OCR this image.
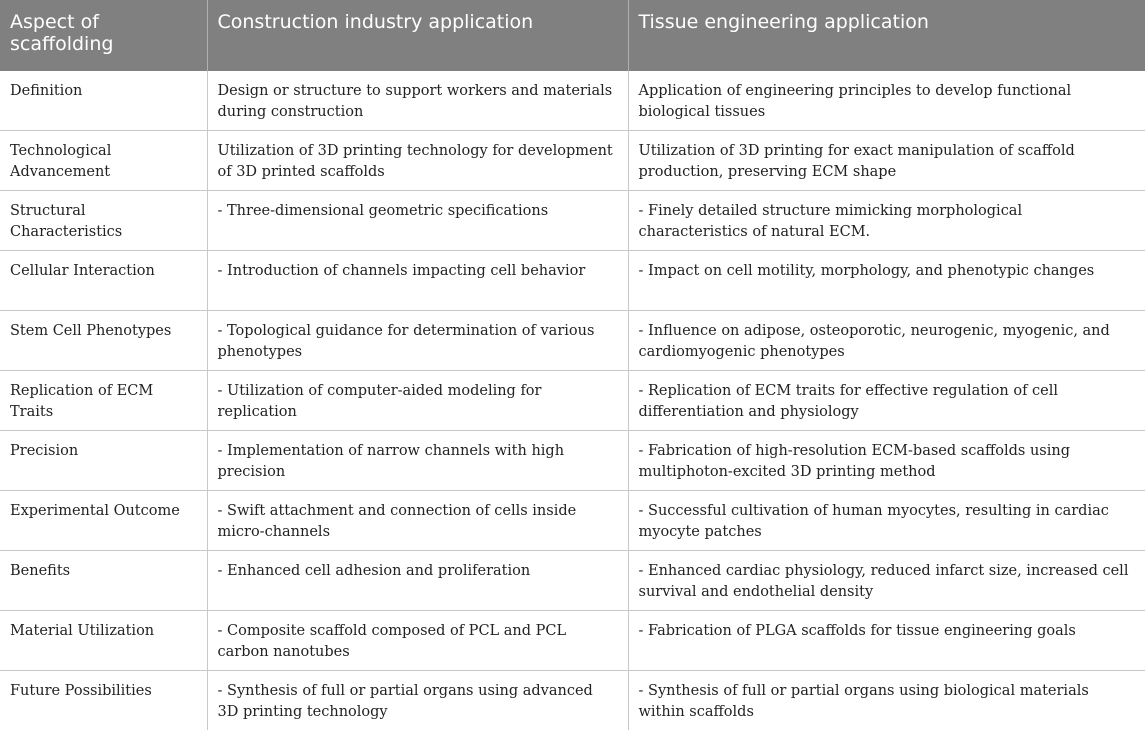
Aspect of scaffolding	Construction industry application	Tissue engineering application
Definition	Design or structure to support workers and materials during construction	Application of engineering principles to develop functional biological tissues
Technological Advancement	Utilization of 3D printing technology for development of 3D printed scaffolds	Utilization of 3D printing for exact manipulation of scaffold production, preserving ECM shape
Structural Characteristics	- Three-dimensional geometric specifications	- Finely detailed structure mimicking morphological characteristics of natural ECM.
Cellular Interaction	- Introduction of channels impacting cell behavior	- Impact on cell motility, morphology, and phenotypic changes
Stem Cell Phenotypes	- Topological guidance for determination of various phenotypes	- Influence on adipose, osteoporotic, neurogenic, myogenic, and cardiomyogenic phenotypes
Replication of ECM Traits	- Utilization of computer-aided modeling for replication	- Replication of ECM traits for effective regulation of cell differentiation and physiology
Precision	- Implementation of narrow channels with high precision	- Fabrication of high-resolution ECM-based scaffolds using multiphoton-excited 3D printing method
Experimental Outcome	- Swift attachment and connection of cells inside micro-channels	- Successful cultivation of human myocytes, resulting in cardiac myocyte patches
Benefits	- Enhanced cell adhesion and proliferation	- Enhanced cardiac physiology, reduced infarct size, increased cell survival and endothelial density
Material Utilization	- Composite scaffold composed of PCL and PCL carbon nanotubes	- Fabrication of PLGA scaffolds for tissue engineering goals
Future Possibilities	- Synthesis of full or partial organs using advanced 3D printing technology	- Synthesis of full or partial organs using biological materials within scaffolds
